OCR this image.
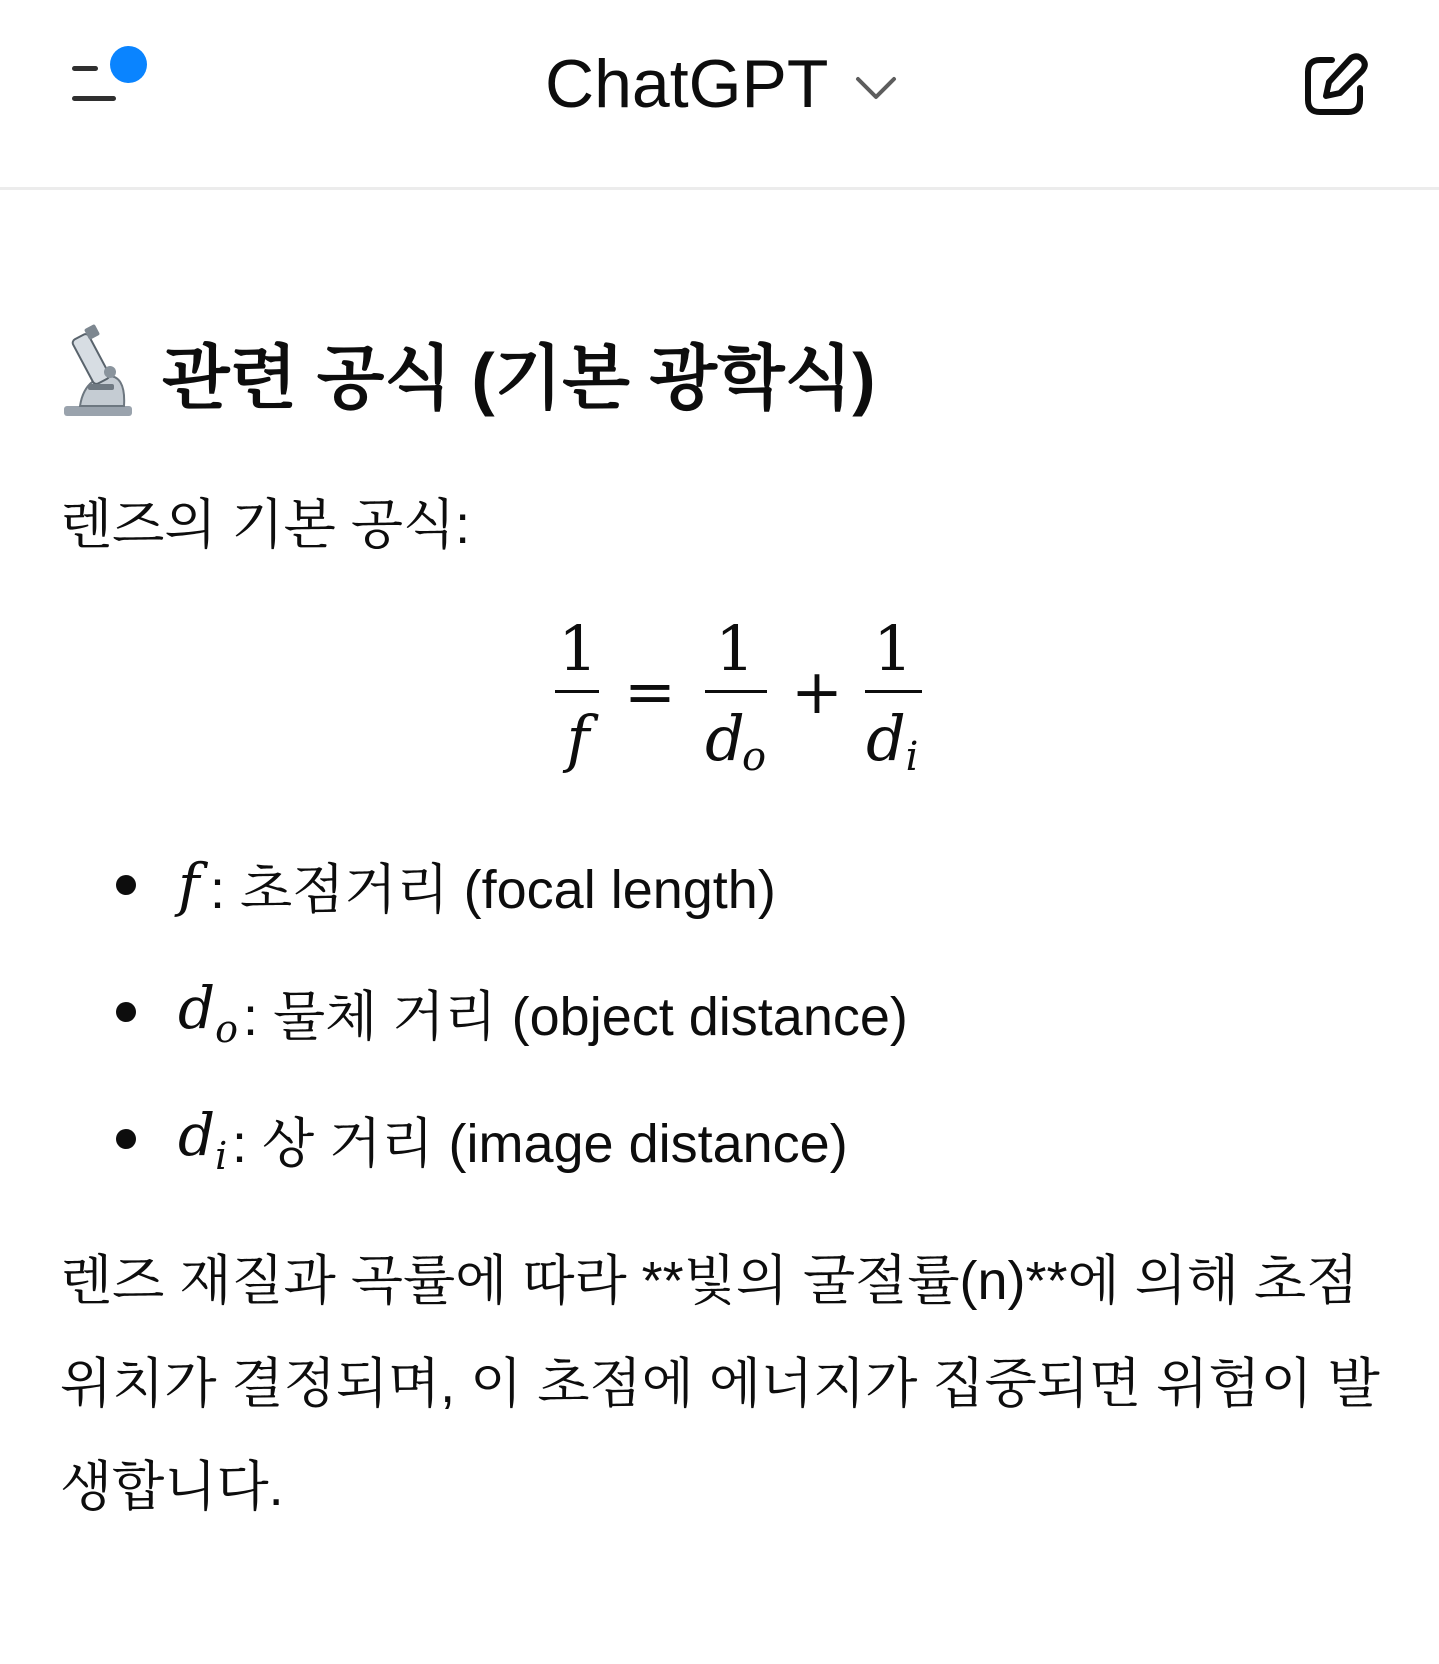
ChatGPT
관련 공식 (기본 광학식)
렌즈의 기본 공식:
1
f
=
1
d
o
+
1
d i
f : 초점거리 (focal length)
$d_o$ : 물체 거리 (object distance)
$d_i$ : 상 거리 (image distance)
렌즈 재질과 곡률에 따라 **빛의 굴절률(n)**에 의해 초점 위치가 결정되며, 이 초점에 에너지가 집중되면 위험이 발생합니다.
